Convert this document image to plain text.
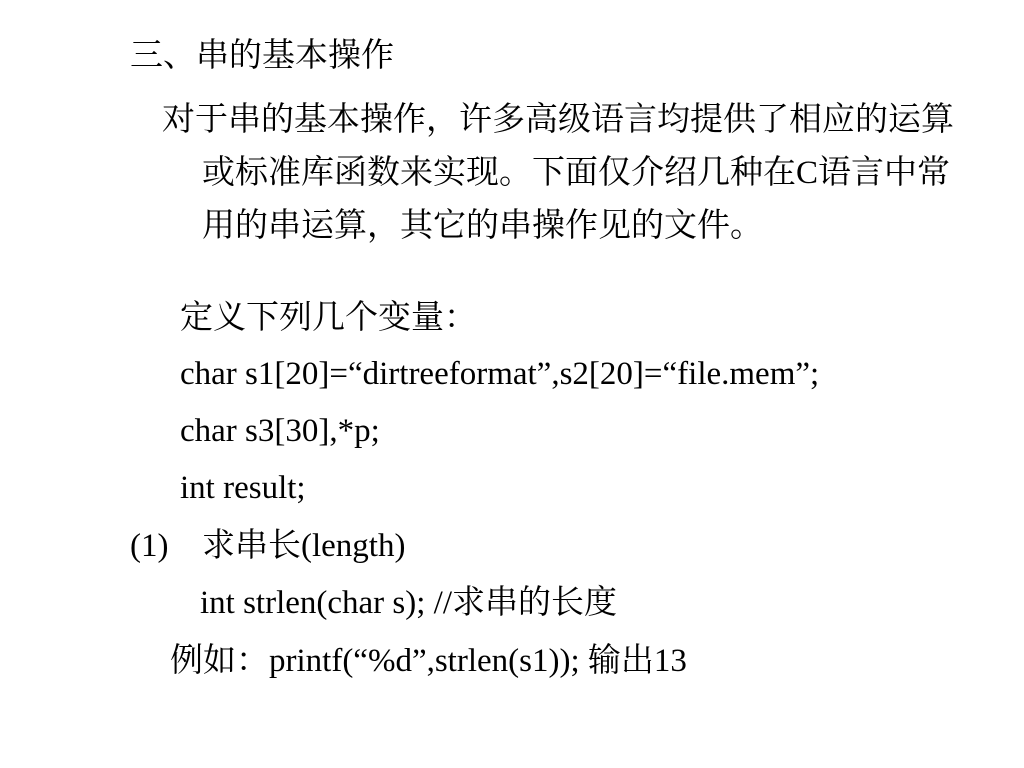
三、串的基本操作
对于串的基本操作，许多高级语言均提供了相应的运算或标准库函数来实现。下面仅介绍几种在C语言中常用的串运算，其它的串操作见的文件。
定义下列几个变量：
char s1[20]=“dirtreeformat”,s2[20]=“file.mem”;
char s3[30],*p;
int result;
(1) 求串长(length)
int strlen(char s); //求串的长度
例如：printf(“%d”,strlen(s1)); 输出13
